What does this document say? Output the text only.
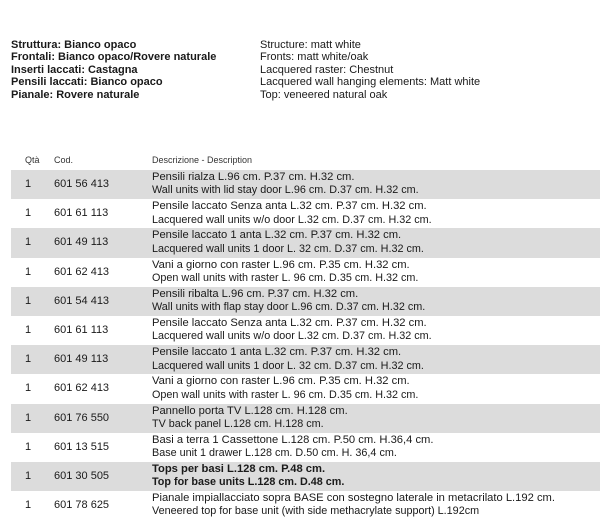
Struttura: Bianco opaco	Structure: matt white
Frontali: Bianco opaco/Rovere naturale	Fronts: matt white/oak
Inserti laccati: Castagna	Lacquered raster: Chestnut
Pensili laccati: Bianco opaco	Lacquered wall hanging elements: Matt white
Pianale: Rovere naturale	Top: veneered natural oak
Qtà Cod.	Descrizione - Description
1 601 56 413
Pensili rialza L.96 cm. P.37 cm. H.32 cm.
Wall units with lid stay door L.96 cm. D.37 cm. H.32 cm.
1 601 61 113
Pensile laccato Senza anta L.32 cm. P.37 cm. H.32 cm.
Lacquered wall units w/o door L.32 cm. D.37 cm. H.32 cm.
1 601 49 113
Pensile laccato 1 anta L.32 cm. P.37 cm. H.32 cm.
Lacquered wall units 1 door L. 32 cm. D.37 cm. H.32 cm.
1 601 62 413
Vani a giorno con raster L.96 cm. P.35 cm. H.32 cm.
Open wall units with raster L. 96 cm. D.35 cm. H.32 cm.
1 601 54 413
Pensili ribalta L.96 cm. P.37 cm. H.32 cm.
Wall units with flap stay door L.96 cm. D.37 cm. H.32 cm.
1 601 61 113
Pensile laccato Senza anta L.32 cm. P.37 cm. H.32 cm.
Lacquered wall units w/o door L.32 cm. D.37 cm. H.32 cm.
1 601 49 113
Pensile laccato 1 anta L.32 cm. P.37 cm. H.32 cm.
Lacquered wall units 1 door L. 32 cm. D.37 cm. H.32 cm.
1 601 62 413
Vani a giorno con raster L.96 cm. P.35 cm. H.32 cm.
Open wall units with raster L. 96 cm. D.35 cm. H.32 cm.
1 601 76 550
Pannello porta TV L.128 cm. H.128 cm.
TV back panel L.128 cm. H.128 cm.
1 601 13 515
Basi a terra 1 Cassettone L.128 cm. P.50 cm. H.36,4 cm.
Base unit 1 drawer L.128 cm. D.50 cm. H. 36,4 cm.
1 601 30 505
Tops per basi L.128 cm. P.48 cm.
Top for base units L.128 cm. D.48 cm.
1 601 78 625
Pianale impiallacciato sopra BASE con sostegno laterale in metacrilato L.192 cm.
Veneered top for base unit (with side methacrylate support) L.192cm
